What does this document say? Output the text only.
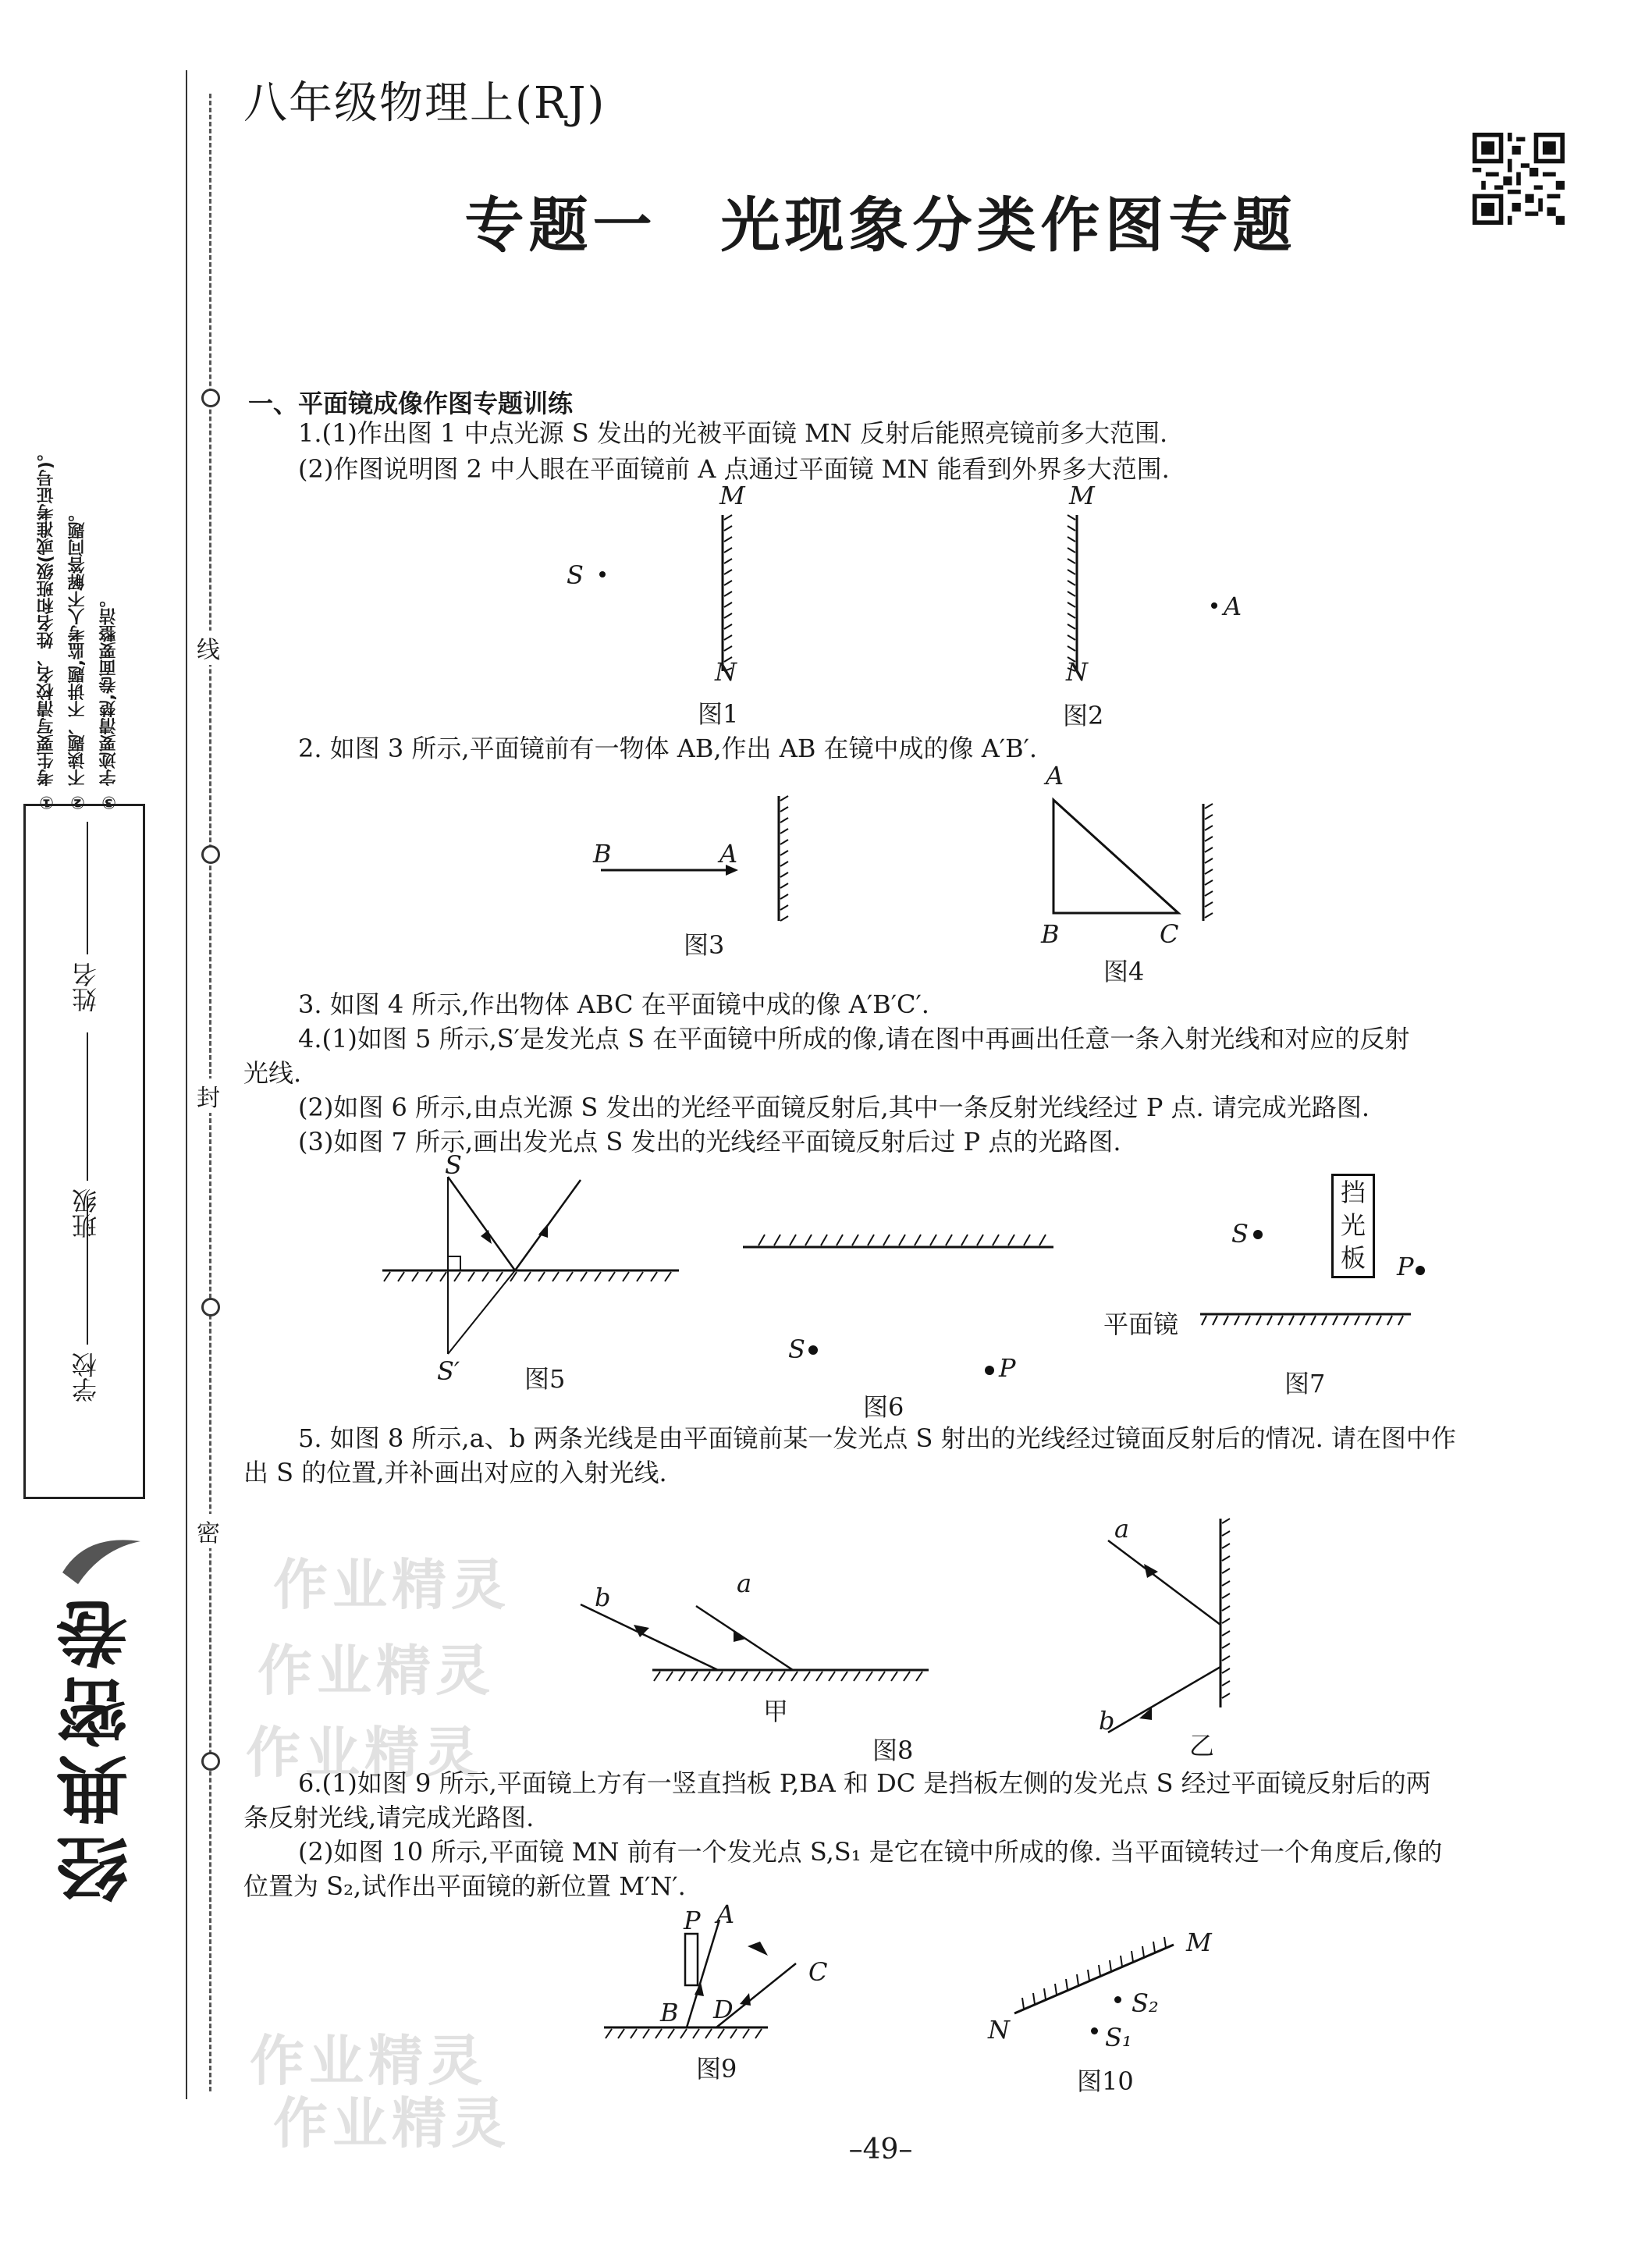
① 考生要写清校名、姓名和班级(或准考证号)。 ② 不读题、不讲题,监考人不解答问题。 ③ 字迹要清楚,卷面要整洁。
学校
班级
姓名
经典密卷
线
封
密
作业精灵
作业精灵
作业精灵
作业精灵
作业精灵
八年级物理上(RJ)
专题一　光现象分类作图专题
一、平面镜成像作图专题训练
1.(1)作出图 1 中点光源 S 发出的光被平面镜 MN 反射后能照亮镜前多大范围.
(2)作图说明图 2 中人眼在平面镜前 A 点通过平面镜 MN 能看到外界多大范围.
2. 如图 3 所示,平面镜前有一物体 AB,作出 AB 在镜中成的像 A′B′.
3. 如图 4 所示,作出物体 ABC 在平面镜中成的像 A′B′C′.
4.(1)如图 5 所示,S′是发光点 S 在平面镜中所成的像,请在图中再画出任意一条入射光线和对应的反射
光线.
(2)如图 6 所示,由点光源 S 发出的光经平面镜反射后,其中一条反射光线经过 P 点. 请完成光路图.
(3)如图 7 所示,画出发光点 S 发出的光线经平面镜反射后过 P 点的光路图.
5. 如图 8 所示,a、b 两条光线是由平面镜前某一发光点 S 射出的光线经过镜面反射后的情况. 请在图中作
出 S 的位置,并补画出对应的入射光线.
6.(1)如图 9 所示,平面镜上方有一竖直挡板 P,BA 和 DC 是挡板左侧的发光点 S 经过平面镜反射后的两
条反射光线,请完成光路图.
(2)如图 10 所示,平面镜 MN 前有一个发光点 S,S₁ 是它在镜中所成的像. 当平面镜转过一个角度后,像的
位置为 S₂,试作出平面镜的新位置 M′N′.
M
N
S
图1
M
N
A
图2
B	A
图3
A
B	C
图4
S
S′	图5
S
P
图6
S
挡
光
板 P
平面镜
图7
b	a
甲
a
b
乙
图8
P A
C
B D
图9
M
N
S₂
S₁
图10
–49–
